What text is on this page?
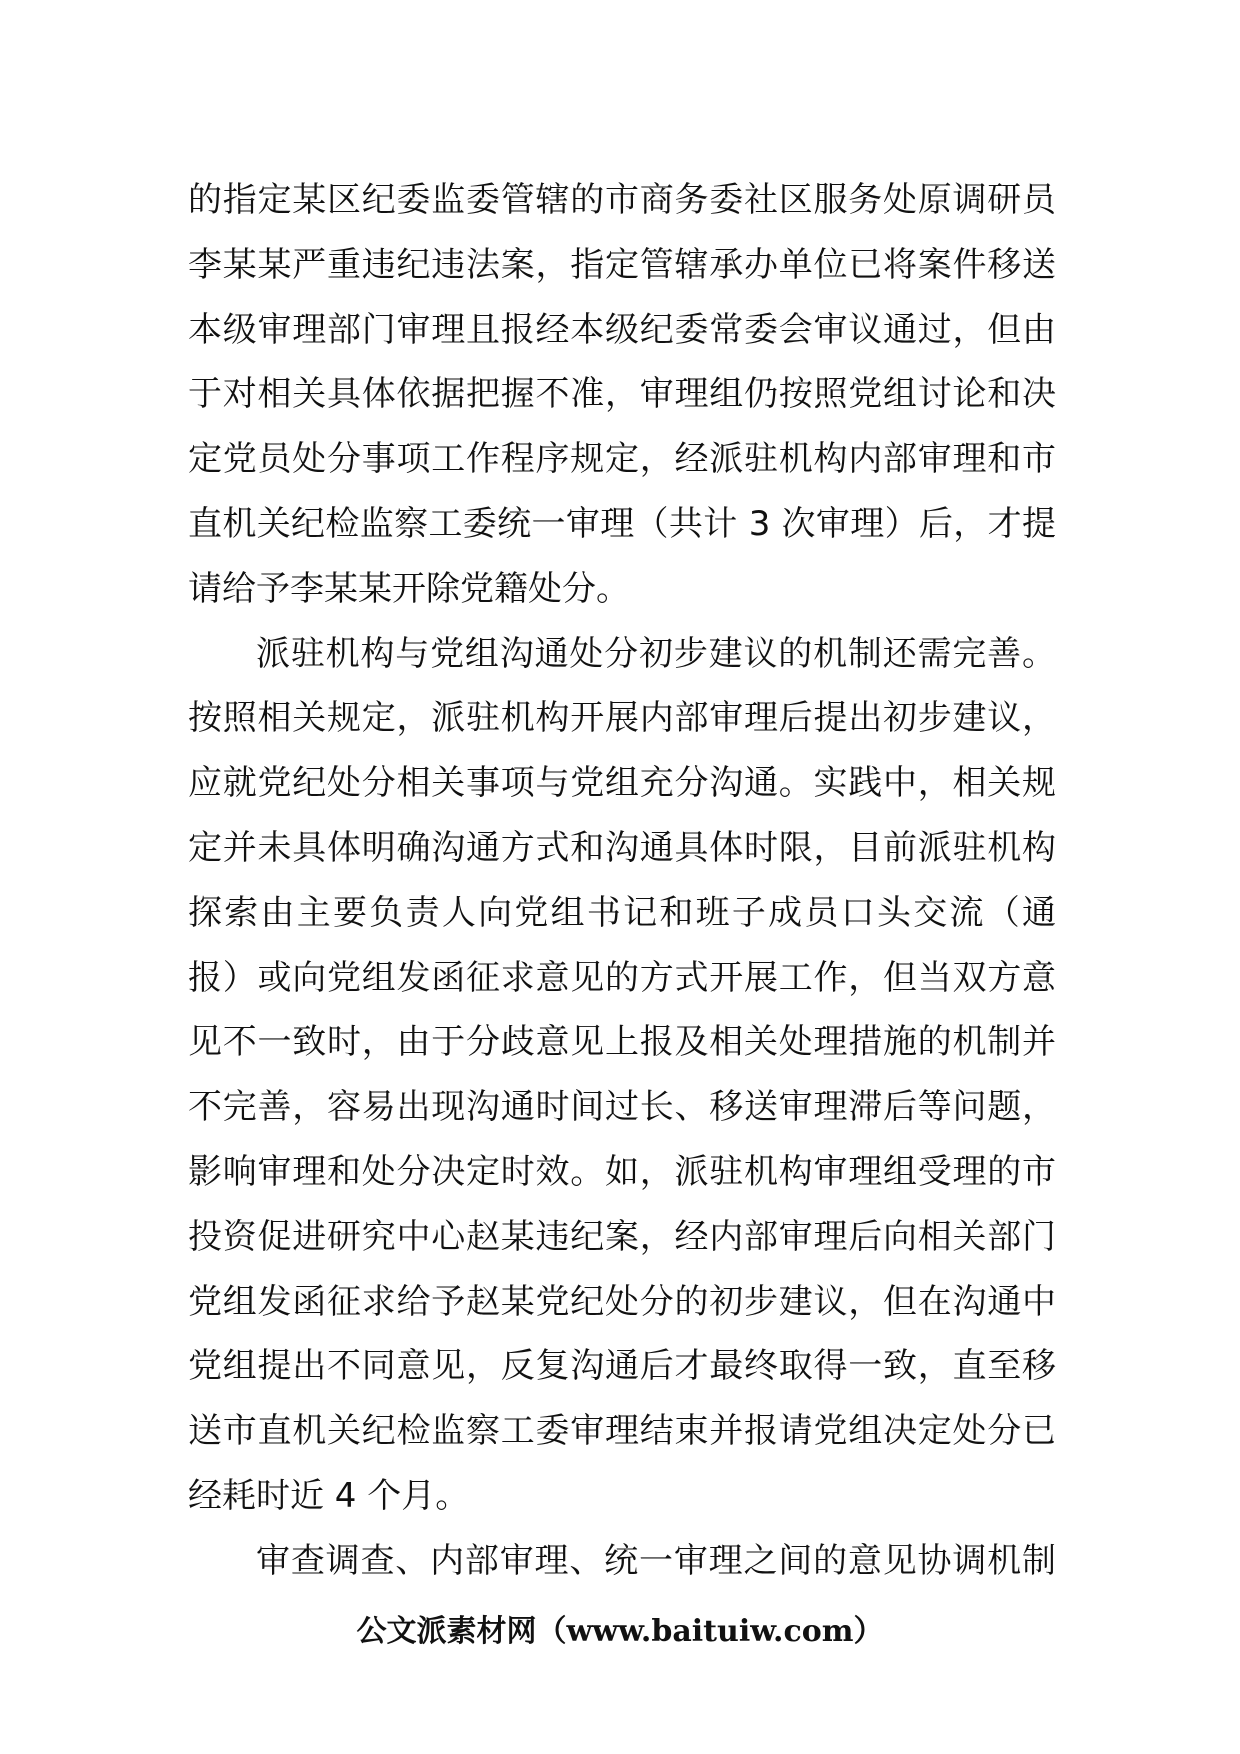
的指定某区纪委监委管辖的市商务委社区服务处原调研员
李某某严重违纪违法案，指定管辖承办单位已将案件移送
本级审理部门审理且报经本级纪委常委会审议通过，但由
于对相关具体依据把握不准，审理组仍按照党组讨论和决
定党员处分事项工作程序规定，经派驻机构内部审理和市
直机关纪检监察工委统一审理（共计 3 次审理）后，才提
请给予李某某开除党籍处分。
派驻机构与党组沟通处分初步建议的机制还需完善。
按照相关规定，派驻机构开展内部审理后提出初步建议，
应就党纪处分相关事项与党组充分沟通。实践中，相关规
定并未具体明确沟通方式和沟通具体时限，目前派驻机构
探索由主要负责人向党组书记和班子成员口头交流（通
报）或向党组发函征求意见的方式开展工作，但当双方意
见不一致时，由于分歧意见上报及相关处理措施的机制并
不完善，容易出现沟通时间过长、移送审理滞后等问题，
影响审理和处分决定时效。如，派驻机构审理组受理的市
投资促进研究中心赵某违纪案，经内部审理后向相关部门
党组发函征求给予赵某党纪处分的初步建议，但在沟通中
党组提出不同意见，反复沟通后才最终取得一致，直至移
送市直机关纪检监察工委审理结束并报请党组决定处分已
经耗时近 4 个月。
审查调查、内部审理、统一审理之间的意见协调机制
公文派素材网（www.baituiw.com）
